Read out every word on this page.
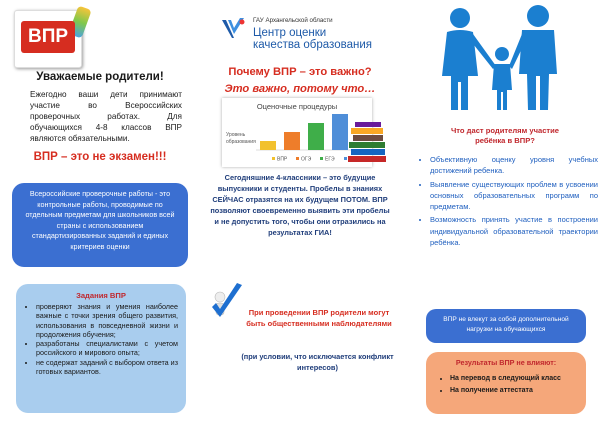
ВПР
Уважаемые родители!
Ежегодно ваши дети принимают участие во Всероссийских проверочных работах. Для обучающихся 4-8 классов ВПР являются обязательными.
ВПР – это не экзамен!!!
Всероссийские проверочные работы - это контрольные работы, проводимые по отдельным предметам для школьников всей страны с использованием стандартизированных заданий и единых критериев оценки
Задания ВПР
• проверяют знания и умения наиболее важные с точки зрения общего развития, использования в повседневной жизни и продолжения обучения;
• разработаны специалистами с учетом российского и мирового опыта;
• не содержат заданий с выбором ответа из готовых вариантов.
ГАУ Архангельской области
Центр оценки
качества образования
Почему ВПР – это важно?
Это важно, потому что…
Оценочные процедуры
Уровень
образования
ВПР	ОГЭ	ЕГЭ
Сегодняшние 4-классники – это будущие выпускники и студенты. Пробелы в знаниях СЕЙЧАС отразятся на их будущем ПОТОМ. ВПР позволяют своевременно выявить эти пробелы и не допустить того, чтобы они отразились на результатах ГИА!
При проведении ВПР родители могут быть общественными наблюдателями
(при условии, что исключается конфликт интересов)
Что даст родителям участие ребёнка в ВПР?
• Объективную оценку уровня учебных достижений ребенка.
• Выявление существующих проблем в усвоении основных образовательных программ по предметам.
• Возможность принять участие в построении индивидуальной образовательной траектории ребёнка.
ВПР не влекут за собой дополнительной нагрузки на обучающихся
Результаты ВПР не влияют:
• На перевод в следующий класс
• На получение аттестата
